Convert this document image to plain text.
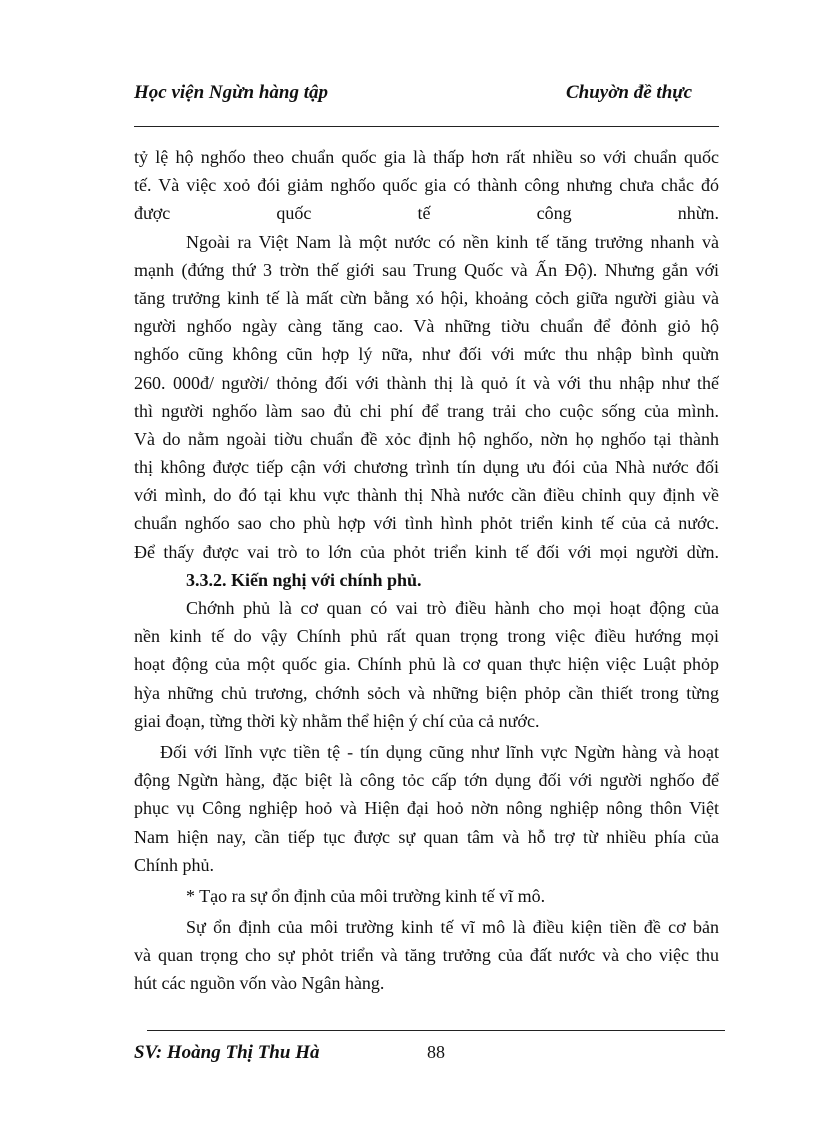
Học viện Ngừn hàng tập	Chuyờn đề thực
tỷ lệ hộ nghốo theo chuẩn quốc gia là thấp hơn rất nhiều so với chuẩn quốc
tế. Và việc xoỏ đói giảm nghốo quốc gia có thành công nhưng chưa chắc đó
được quốc tế công nhừn.
Ngoài ra Việt Nam là một nước có nền kinh tế tăng trưởng nhanh và
mạnh (đứng thứ 3 trờn thế giới sau Trung Quốc và Ấn Độ). Nhưng gắn với
tăng trưởng kinh tế là mất cừn bằng xó hội, khoảng cỏch giữa người giàu và
người nghốo ngày càng tăng cao. Và những tiờu chuẩn để đỏnh giỏ hộ
nghốo cũng không cũn hợp lý nữa, như đối với mức thu nhập bình quừn
260. 000đ/ người/ thỏng đối với thành thị là quỏ ít và với thu nhập như thế
thì người nghốo làm sao đủ chi phí để trang trải cho cuộc sống của mình.
Và do nằm ngoài tiờu chuẩn đề xỏc định hộ nghốo, nờn họ nghốo tại thành
thị không được tiếp cận với chương trình tín dụng ưu đói của Nhà nước đối
với mình, do đó tại khu vực thành thị Nhà nước cần điều chỉnh quy định về
chuẩn nghốo sao cho phù hợp với tình hình phỏt triển kinh tế của cả nước.
Để thấy được vai trò to lớn của phỏt triển kinh tế đối với mọi người dừn.
3.3.2. Kiến nghị với chính phủ.
Chớnh phủ là cơ quan có vai trò điều hành cho mọi hoạt động của
nền kinh tế do vậy Chính phủ rất quan trọng trong việc điều hướng mọi
hoạt động của một quốc gia. Chính phủ là cơ quan thực hiện việc Luật phỏp
hỳa những chủ trương, chớnh sỏch và những biện phỏp cần thiết trong từng
giai đoạn, từng thời kỳ nhằm thể hiện ý chí của cả nước.
Đối với lĩnh vực tiền tệ - tín dụng cũng như lĩnh vực Ngừn hàng và hoạt
động Ngừn hàng, đặc biệt là công tỏc cấp tớn dụng đối với người nghốo để
phục vụ Công nghiệp hoỏ và Hiện đại hoỏ nờn nông nghiệp nông thôn Việt
Nam hiện nay, cần tiếp tục được sự quan tâm và hỗ trợ từ nhiều phía của
Chính phủ.
* Tạo ra sự ổn định của môi trường kinh tế vĩ mô.
Sự ổn định của môi trường kinh tế vĩ mô là điều kiện tiền đề cơ bản
và quan trọng cho sự phỏt triển và tăng trưởng của đất nước và cho việc thu
hút các nguồn vốn vào Ngân hàng.
SV: Hoàng Thị Thu Hà	88
